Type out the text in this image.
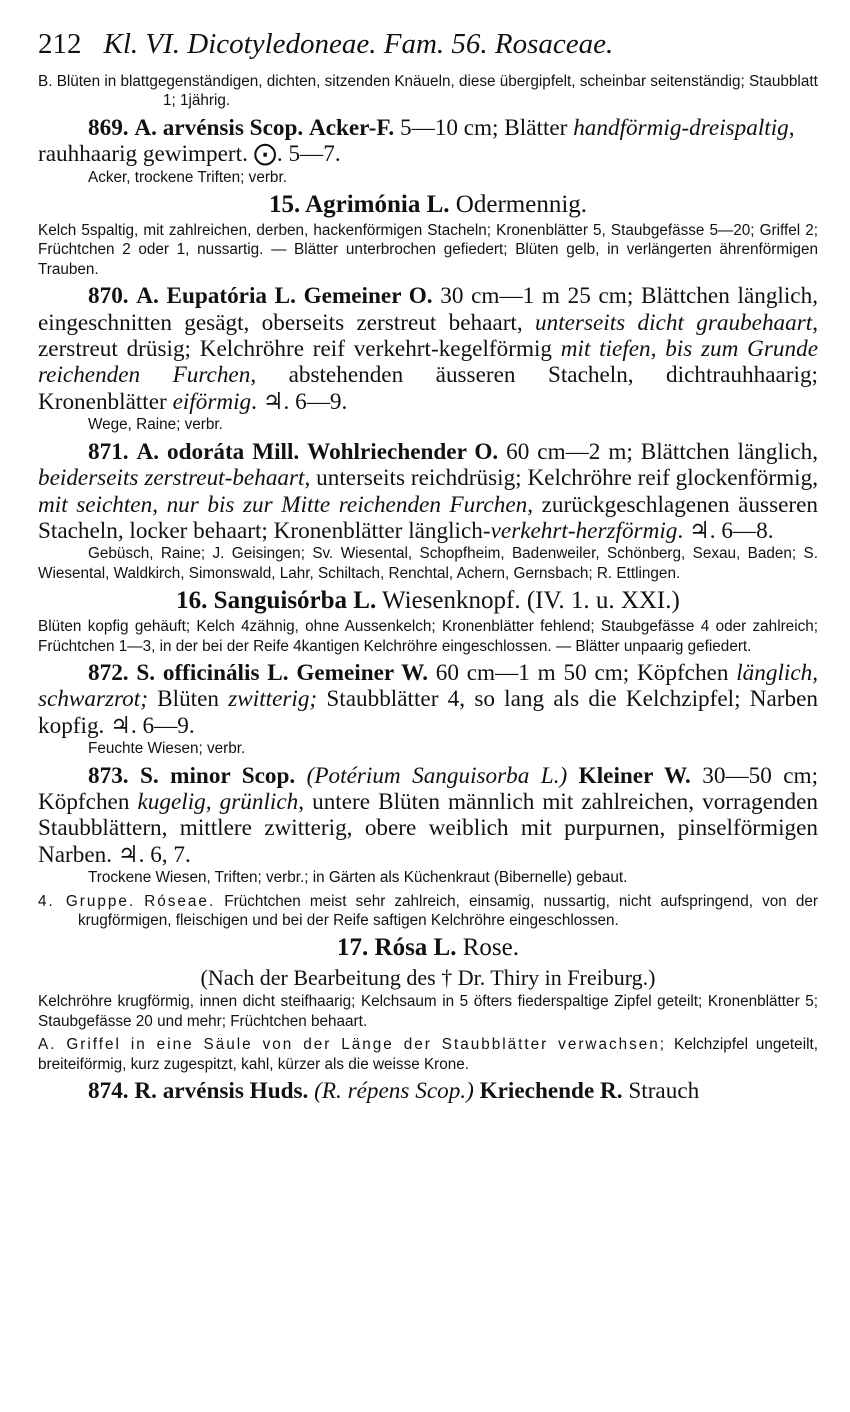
212 Kl. VI. Dicotyledoneae. Fam. 56. Rosaceae.
B. Blüten in blattgegenständigen, dichten, sitzenden Knäueln, diese übergipfelt, scheinbar seitenständig; Staubblatt 1; 1jährig.
869. A. arvénsis Scop. Acker-F. 5—10 cm; Blätter handförmig-dreispaltig, rauhhaarig gewimpert. ⨀. 5—7.
Acker, trockene Triften; verbr.
15. Agrimónia L. Odermennig.
Kelch 5spaltig, mit zahlreichen, derben, hackenförmigen Stacheln; Kronenblätter 5, Staubgefässe 5—20; Griffel 2; Früchtchen 2 oder 1, nussartig. — Blätter unterbrochen gefiedert; Blüten gelb, in verlängerten ährenförmigen Trauben.
870. A. Eupatória L. Gemeiner O. 30 cm—1 m 25 cm; Blättchen länglich, eingeschnitten gesägt, oberseits zerstreut behaart, unterseits dicht graubehaart, zerstreut drüsig; Kelchröhre reif verkehrt-kegelförmig mit tiefen, bis zum Grunde reichenden Furchen, abstehenden äusseren Stacheln, dichtrauhhaarig; Kronenblätter eiförmig. ♃. 6—9.
Wege, Raine; verbr.
871. A. odoráta Mill. Wohlriechender O. 60 cm—2 m; Blättchen länglich, beiderseits zerstreut-behaart, unterseits reichdrüsig; Kelchröhre reif glockenförmig, mit seichten, nur bis zur Mitte reichenden Furchen, zurückgeschlagenen äusseren Stacheln, locker behaart; Kronenblätter länglich-verkehrt-herzförmig. ♃. 6—8.
Gebüsch, Raine; J. Geisingen; Sv. Wiesental, Schopfheim, Badenweiler, Schönberg, Sexau, Baden; S. Wiesental, Waldkirch, Simonswald, Lahr, Schiltach, Renchtal, Achern, Gernsbach; R. Ettlingen.
16. Sanguisórba L. Wiesenknopf. (IV. 1. u. XXI.)
Blüten kopfig gehäuft; Kelch 4zähnig, ohne Aussenkelch; Kronenblätter fehlend; Staubgefässe 4 oder zahlreich; Früchtchen 1—3, in der bei der Reife 4kantigen Kelchröhre eingeschlossen. — Blätter unpaarig gefiedert.
872. S. officinális L. Gemeiner W. 60 cm—1 m 50 cm; Köpfchen länglich, schwarzrot; Blüten zwitterig; Staubblätter 4, so lang als die Kelchzipfel; Narben kopfig. ♃. 6—9.
Feuchte Wiesen; verbr.
873. S. minor Scop. (Potérium Sanguisorba L.) Kleiner W. 30—50 cm; Köpfchen kugelig, grünlich, untere Blüten männlich mit zahlreichen, vorragenden Staubblättern, mittlere zwitterig, obere weiblich mit purpurnen, pinselförmigen Narben. ♃. 6, 7.
Trockene Wiesen, Triften; verbr.; in Gärten als Küchenkraut (Bibernelle) gebaut.
4. Gruppe. Róseae. Früchtchen meist sehr zahlreich, einsamig, nussartig, nicht aufspringend, von der krugförmigen, fleischigen und bei der Reife saftigen Kelchröhre eingeschlossen.
17. Rósa L. Rose.
(Nach der Bearbeitung des † Dr. Thiry in Freiburg.)
Kelchröhre krugförmig, innen dicht steifhaarig; Kelchsaum in 5 öfters fiederspaltige Zipfel geteilt; Kronenblätter 5; Staubgefässe 20 und mehr; Früchtchen behaart.
A. Griffel in eine Säule von der Länge der Staubblätter verwachsen; Kelchzipfel ungeteilt, breiteiförmig, kurz zugespitzt, kahl, kürzer als die weisse Krone.
874. R. arvénsis Huds. (R. répens Scop.) Kriechende R. Strauch
